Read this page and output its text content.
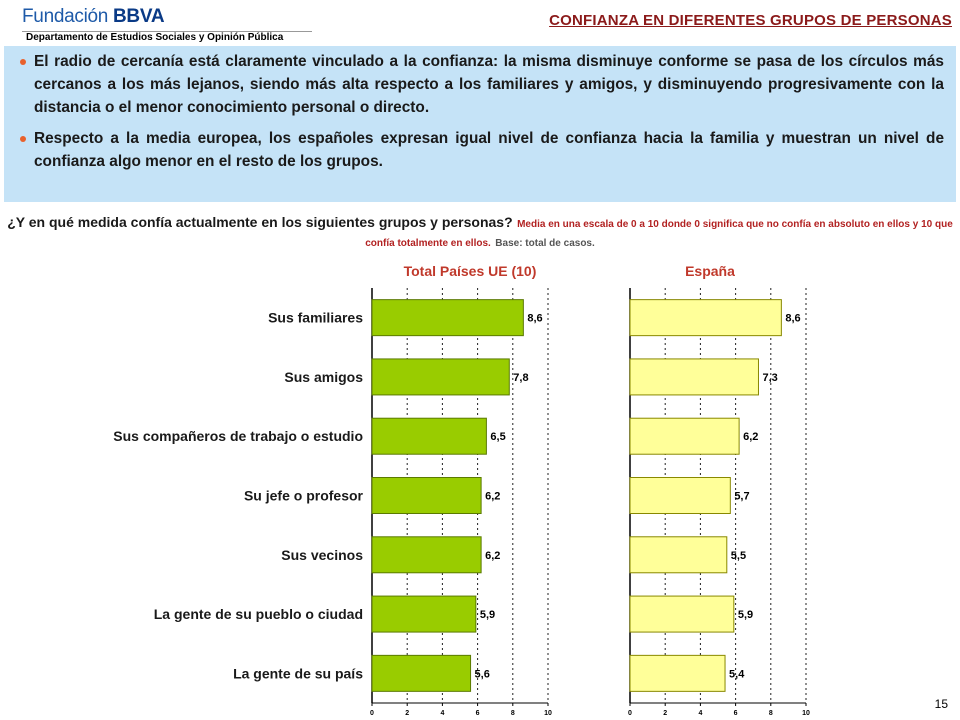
Fundación BBVA
Departamento de Estudios Sociales y Opinión Pública
CONFIANZA EN DIFERENTES GRUPOS DE PERSONAS
El radio de cercanía está claramente vinculado a la confianza: la misma disminuye conforme se pasa de los círculos más cercanos a los más lejanos, siendo más alta respecto a los familiares y amigos, y disminuyendo progresivamente con la distancia o el menor conocimiento personal o directo.
Respecto a la media europea, los españoles expresan igual nivel de confianza hacia la familia y muestran un nivel de confianza algo menor en el resto de los grupos.
¿Y en qué medida confía actualmente en los siguientes grupos y personas? Media en una escala de 0 a 10 donde 0 significa que no confía en absoluto en ellos y 10 que confía totalmente en ellos. Base: total de casos.
Sus familiares
Sus amigos
Sus compañeros de trabajo o estudio
Su jefe o profesor
Sus vecinos
La gente de su pueblo o ciudad
La gente de su país
Total Países UE (10)
0	2	4	6	8	10
8,6
7,8
6,5
6,2
6,2
5,9
5,6
España
0	2	4	6	8	10
8,6
7,3
6,2
5,7
5,5
5,9
5,4
15
